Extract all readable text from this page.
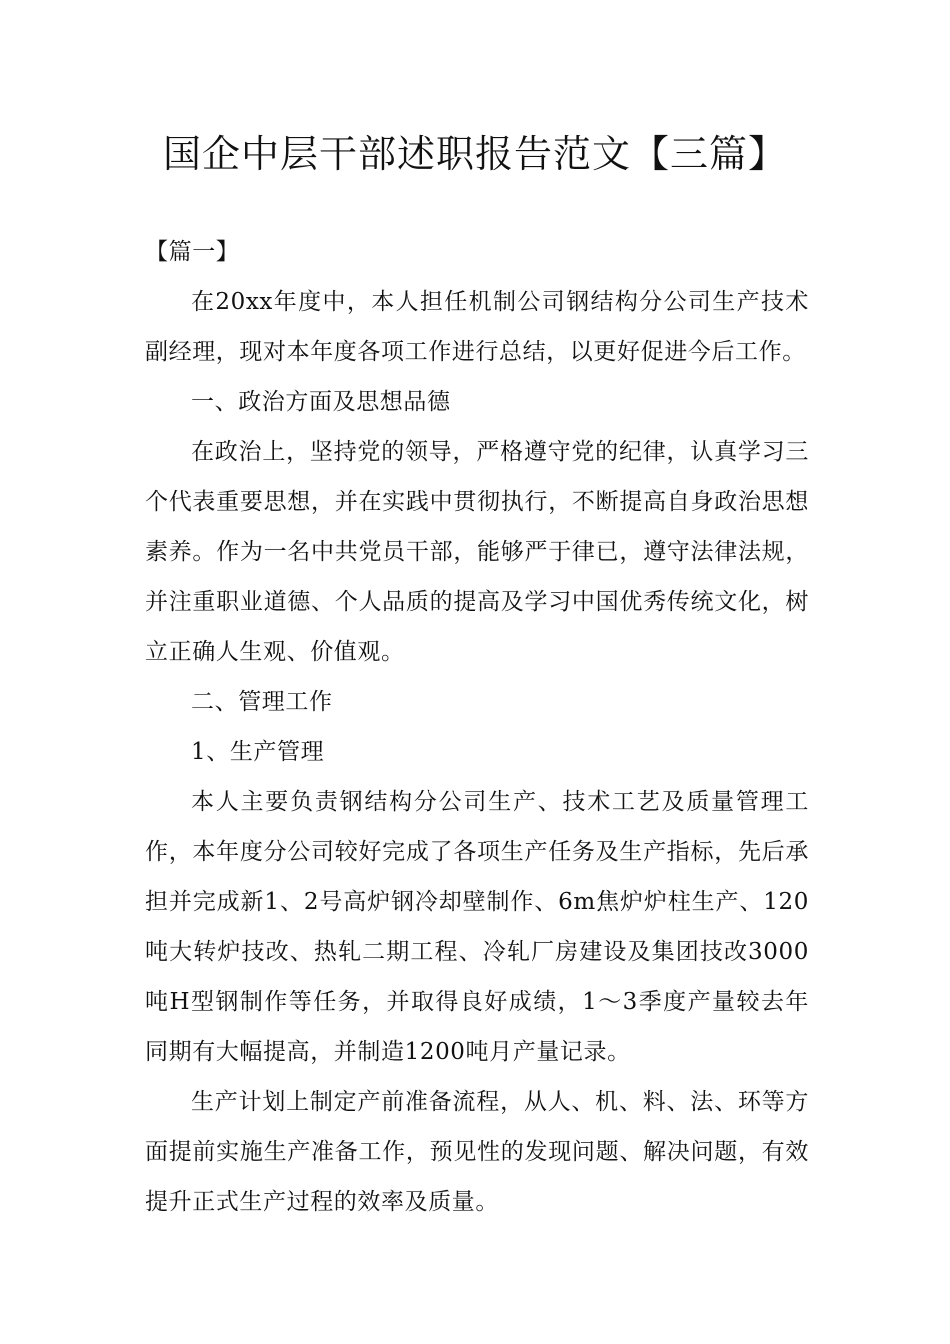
国企中层干部述职报告范文【三篇】

【篇一】

在20xx年度中，本人担任机制公司钢结构分公司生产技术副经理，现对本年度各项工作进行总结，以更好促进今后工作。

一、政治方面及思想品德

在政治上，坚持党的领导，严格遵守党的纪律，认真学习三个代表重要思想，并在实践中贯彻执行，不断提高自身政治思想素养。作为一名中共党员干部，能够严于律已，遵守法律法规，并注重职业道德、个人品质的提高及学习中国优秀传统文化，树立正确人生观、价值观。

二、管理工作

1、生产管理

本人主要负责钢结构分公司生产、技术工艺及质量管理工作，本年度分公司较好完成了各项生产任务及生产指标，先后承担并完成新1、2号高炉钢冷却壁制作、6m焦炉炉柱生产、120吨大转炉技改、热轧二期工程、冷轧厂房建设及集团技改3000吨H型钢制作等任务，并取得良好成绩，1～3季度产量较去年同期有大幅提高，并制造1200吨月产量记录。

生产计划上制定产前准备流程，从人、机、料、法、环等方面提前实施生产准备工作，预见性的发现问题、解决问题，有效提升正式生产过程的效率及质量。
